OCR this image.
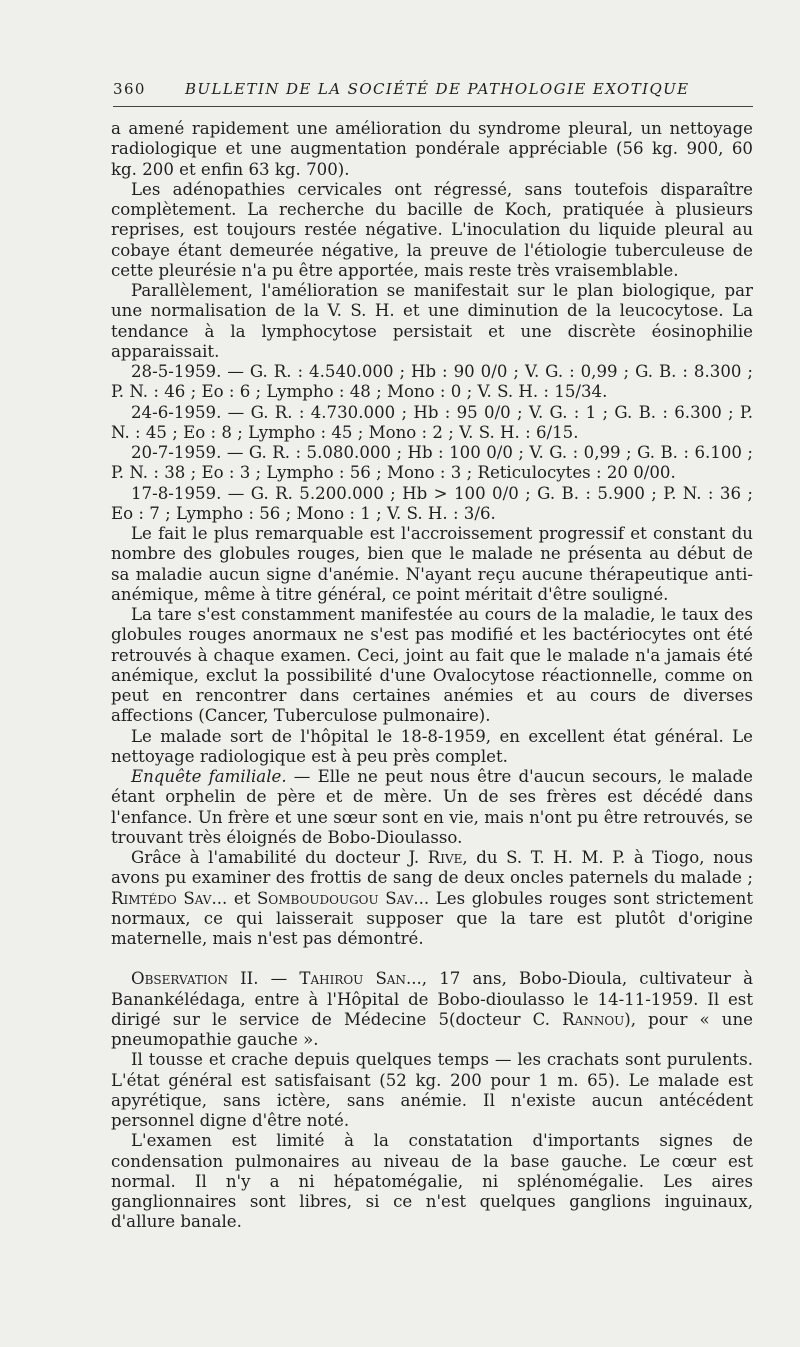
360	BULLETIN DE LA SOCIÉTÉ DE PATHOLOGIE EXOTIQUE

a amené rapidement une amélioration du syndrome pleural, un nettoyage radiologique et une augmentation pondérale appréciable (56 kg. 900, 60 kg. 200 et enfin 63 kg. 700).

Les adénopathies cervicales ont régressé, sans toutefois disparaître complètement. La recherche du bacille de Koch, pratiquée à plusieurs reprises, est toujours restée négative. L'inoculation du liquide pleural au cobaye étant demeurée négative, la preuve de l'étiologie tuberculeuse de cette pleurésie n'a pu être apportée, mais reste très vraisemblable.

Parallèlement, l'amélioration se manifestait sur le plan biologique, par une normalisation de la V. S. H. et une diminution de la leucocytose. La tendance à la lymphocytose persistait et une discrète éosinophilie apparaissait.

28-5-1959. — G. R. : 4.540.000 ; Hb : 90 0/0 ; V. G. : 0,99 ; G. B. : 8.300 ; P. N. : 46 ; Eo : 6 ; Lympho : 48 ; Mono : 0 ; V. S. H. : 15/34.

24-6-1959. — G. R. : 4.730.000 ; Hb : 95 0/0 ; V. G. : 1 ; G. B. : 6.300 ; P. N. : 45 ; Eo : 8 ; Lympho : 45 ; Mono : 2 ; V. S. H. : 6/15.

20-7-1959. — G. R. : 5.080.000 ; Hb : 100 0/0 ; V. G. : 0,99 ; G. B. : 6.100 ; P. N. : 38 ; Eo : 3 ; Lympho : 56 ; Mono : 3 ; Reticulocytes : 20 0/00.

17-8-1959. — G. R. 5.200.000 ; Hb > 100 0/0 ; G. B. : 5.900 ; P. N. : 36 ; Eo : 7 ; Lympho : 56 ; Mono : 1 ; V. S. H. : 3/6.

Le fait le plus remarquable est l'accroissement progressif et constant du nombre des globules rouges, bien que le malade ne présenta au début de sa maladie aucun signe d'anémie. N'ayant reçu aucune thérapeutique anti-anémique, même à titre général, ce point méritait d'être souligné.

La tare s'est constamment manifestée au cours de la maladie, le taux des globules rouges anormaux ne s'est pas modifié et les bactériocytes ont été retrouvés à chaque examen. Ceci, joint au fait que le malade n'a jamais été anémique, exclut la possibilité d'une Ovalocytose réactionnelle, comme on peut en rencontrer dans certaines anémies et au cours de diverses affections (Cancer, Tuberculose pulmonaire).

Le malade sort de l'hôpital le 18-8-1959, en excellent état général. Le nettoyage radiologique est à peu près complet.

Enquête familiale. — Elle ne peut nous être d'aucun secours, le malade étant orphelin de père et de mère. Un de ses frères est décédé dans l'enfance. Un frère et une sœur sont en vie, mais n'ont pu être retrouvés, se trouvant très éloignés de Bobo-Dioulasso.

Grâce à l'amabilité du docteur J. Rive, du S. T. H. M. P. à Tiogo, nous avons pu examiner des frottis de sang de deux oncles paternels du malade ; Rimtédo Sav... et Somboudougou Sav... Les globules rouges sont strictement normaux, ce qui laisserait supposer que la tare est plutôt d'origine maternelle, mais n'est pas démontré.

Observation II. — Tahirou San..., 17 ans, Bobo-Dioula, cultivateur à Banankélédaga, entre à l'Hôpital de Bobo-dioulasso le 14-11-1959. Il est dirigé sur le service de Médecine 5(docteur C. Rannou), pour « une pneumopathie gauche ».

Il tousse et crache depuis quelques temps — les crachats sont purulents. L'état général est satisfaisant (52 kg. 200 pour 1 m. 65). Le malade est apyrétique, sans ictère, sans anémie. Il n'existe aucun antécédent personnel digne d'être noté.

L'examen est limité à la constatation d'importants signes de condensation pulmonaires au niveau de la base gauche. Le cœur est normal. Il n'y a ni hépatomégalie, ni splénomégalie. Les aires ganglionnaires sont libres, si ce n'est quelques ganglions inguinaux, d'allure banale.
